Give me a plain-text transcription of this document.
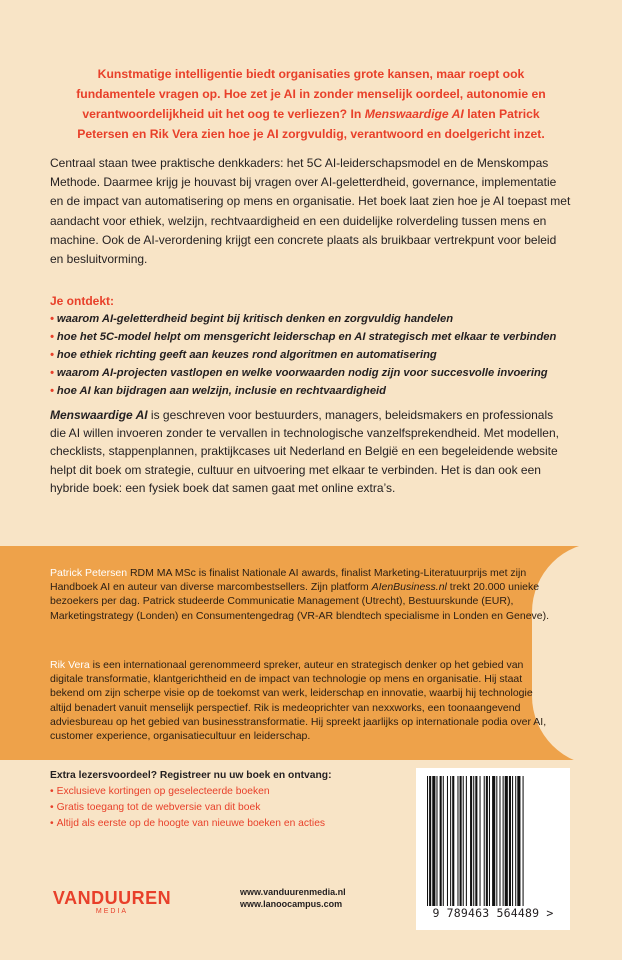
Kunstmatige intelligentie biedt organisaties grote kansen, maar roept ook fundamentele vragen op. Hoe zet je AI in zonder menselijk oordeel, autonomie en verantwoordelijkheid uit het oog te verliezen? In Menswaardige AI laten Patrick Petersen en Rik Vera zien hoe je AI zorgvuldig, verantwoord en doelgericht inzet.
Centraal staan twee praktische denkkaders: het 5C AI-leiderschapsmodel en de Menskompas Methode. Daarmee krijg je houvast bij vragen over AI-geletterdheid, governance, implementatie en de impact van automatisering op mens en organisatie. Het boek laat zien hoe je AI toepast met aandacht voor ethiek, welzijn, rechtvaardigheid en een duidelijke rolverdeling tussen mens en machine. Ook de AI-verordening krijgt een concrete plaats als bruikbaar vertrekpunt voor beleid en besluitvorming.
Je ontdekt:
• waarom AI-geletterdheid begint bij kritisch denken en zorgvuldig handelen
• hoe het 5C-model helpt om mensgericht leiderschap en AI strategisch met elkaar te verbinden
• hoe ethiek richting geeft aan keuzes rond algoritmen en automatisering
• waarom AI-projecten vastlopen en welke voorwaarden nodig zijn voor succesvolle invoering
• hoe AI kan bijdragen aan welzijn, inclusie en rechtvaardigheid
Menswaardige AI is geschreven voor bestuurders, managers, beleidsmakers en professionals die AI willen invoeren zonder te vervallen in technologische vanzelfsprekendheid. Met modellen, checklists, stappenplannen, praktijkcases uit Nederland en België en een begeleidende website helpt dit boek om strategie, cultuur en uitvoering met elkaar te verbinden. Het is dan ook een hybride boek: een fysiek boek dat samen gaat met online extra’s.
Patrick Petersen RDM MA MSc is finalist Nationale AI awards, finalist Marketing-Literatuurprijs met zijn Handboek AI en auteur van diverse marcombestsellers. Zijn platform AIenBusiness.nl trekt 20.000 unieke bezoekers per dag. Patrick studeerde Communicatie Management (Utrecht), Bestuurskunde (EUR), Marketingstrategy (Londen) en Consumentengedrag (VR-AR blendtech specialisme in Londen en Geneve).
Rik Vera is een internationaal gerenommeerd spreker, auteur en strategisch denker op het gebied van digitale transformatie, klantgerichtheid en de impact van technologie op mens en organisatie. Hij staat bekend om zijn scherpe visie op de toekomst van werk, leiderschap en innovatie, waarbij hij technologie altijd benadert vanuit menselijk perspectief. Rik is medeoprichter van nexxworks, een toonaangevend adviesbureau op het gebied van businesstransformatie. Hij spreekt jaarlijks op internationale podia over AI, customer experience, organisatiecultuur en leiderschap.
Extra lezersvoordeel? Registreer nu uw boek en ontvang:
• Exclusieve kortingen op geselecteerde boeken
• Gratis toegang tot de webversie van dit boek
• Altijd als eerste op de hoogte van nieuwe boeken en acties
VANDUUREN
MEDIA
www.vanduurenmedia.nl
www.lanoocampus.com
9 789463 564489 >
